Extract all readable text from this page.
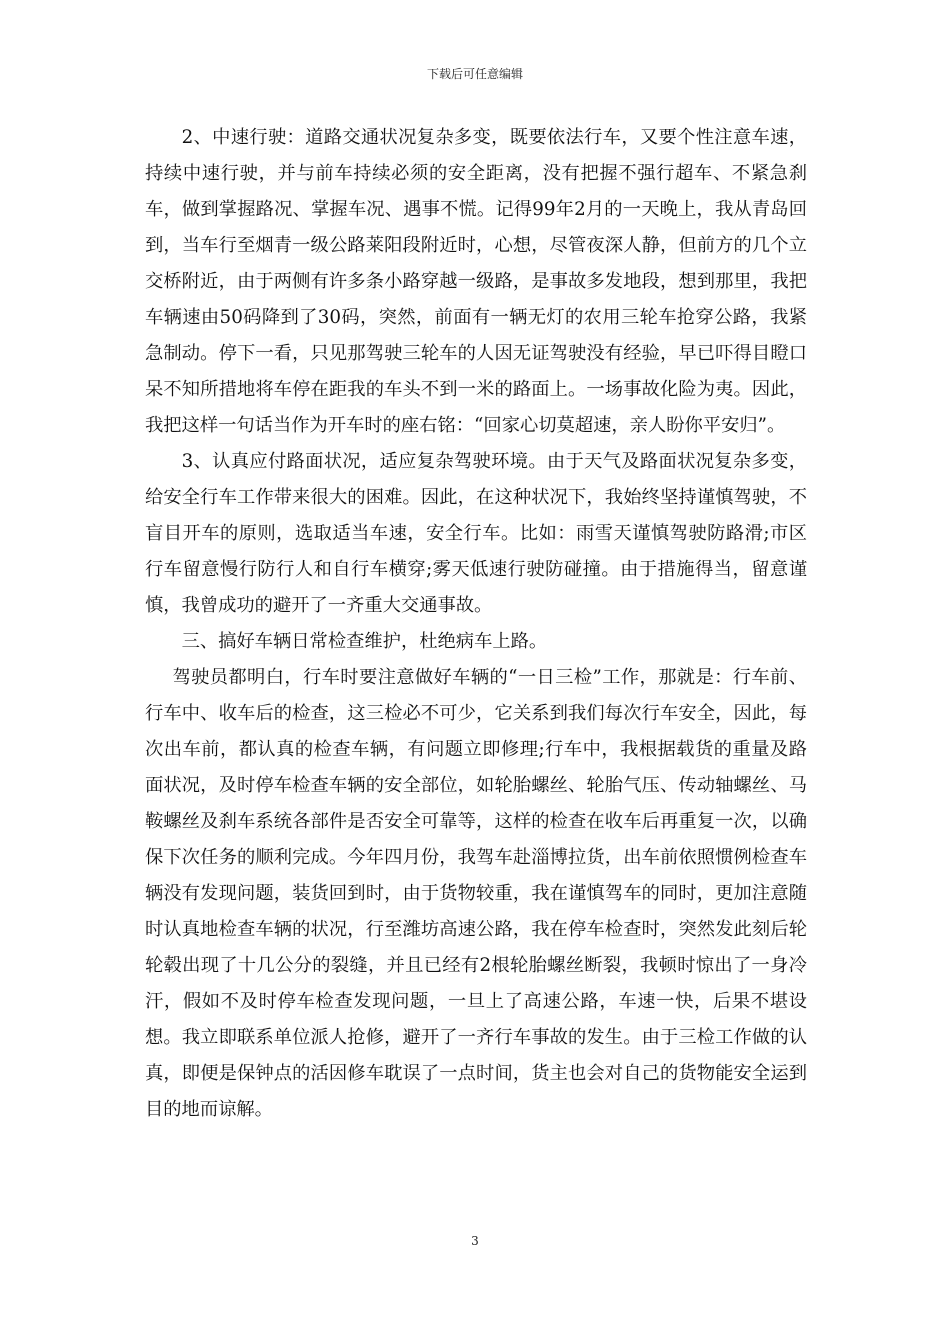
下载后可任意编辑

2、中速行驶：道路交通状况复杂多变，既要依法行车，又要个性注意车速，持续中速行驶，并与前车持续必须的安全距离，没有把握不强行超车、不紧急刹车，做到掌握路况、掌握车况、遇事不慌。记得99年2月的一天晚上，我从青岛回到，当车行至烟青一级公路莱阳段附近时，心想，尽管夜深人静，但前方的几个立交桥附近，由于两侧有许多条小路穿越一级路，是事故多发地段，想到那里，我把车辆速由50码降到了30码，突然，前面有一辆无灯的农用三轮车抢穿公路，我紧急制动。停下一看，只见那驾驶三轮车的人因无证驾驶没有经验，早已吓得目瞪口呆不知所措地将车停在距我的车头不到一米的路面上。一场事故化险为夷。因此，我把这样一句话当作为开车时的座右铭：“回家心切莫超速，亲人盼你平安归”。

3、认真应付路面状况，适应复杂驾驶环境。由于天气及路面状况复杂多变，给安全行车工作带来很大的困难。因此，在这种状况下，我始终坚持谨慎驾驶，不盲目开车的原则，选取适当车速，安全行车。比如：雨雪天谨慎驾驶防路滑;市区行车留意慢行防行人和自行车横穿;雾天低速行驶防碰撞。由于措施得当，留意谨慎，我曾成功的避开了一齐重大交通事故。

三、搞好车辆日常检查维护，杜绝病车上路。

驾驶员都明白，行车时要注意做好车辆的“一日三检”工作，那就是：行车前、行车中、收车后的检查，这三检必不可少，它关系到我们每次行车安全，因此，每次出车前，都认真的检查车辆，有问题立即修理;行车中，我根据载货的重量及路面状况，及时停车检查车辆的安全部位，如轮胎螺丝、轮胎气压、传动轴螺丝、马鞍螺丝及刹车系统各部件是否安全可靠等，这样的检查在收车后再重复一次，以确保下次任务的顺利完成。今年四月份，我驾车赴淄博拉货，出车前依照惯例检查车辆没有发现问题，装货回到时，由于货物较重，我在谨慎驾车的同时，更加注意随时认真地检查车辆的状况，行至潍坊高速公路，我在停车检查时，突然发此刻后轮轮毂出现了十几公分的裂缝，并且已经有2根轮胎螺丝断裂，我顿时惊出了一身冷汗，假如不及时停车检查发现问题，一旦上了高速公路，车速一快，后果不堪设想。我立即联系单位派人抢修，避开了一齐行车事故的发生。由于三检工作做的认真，即便是保钟点的活因修车耽误了一点时间，货主也会对自己的货物能安全运到目的地而谅解。

3
